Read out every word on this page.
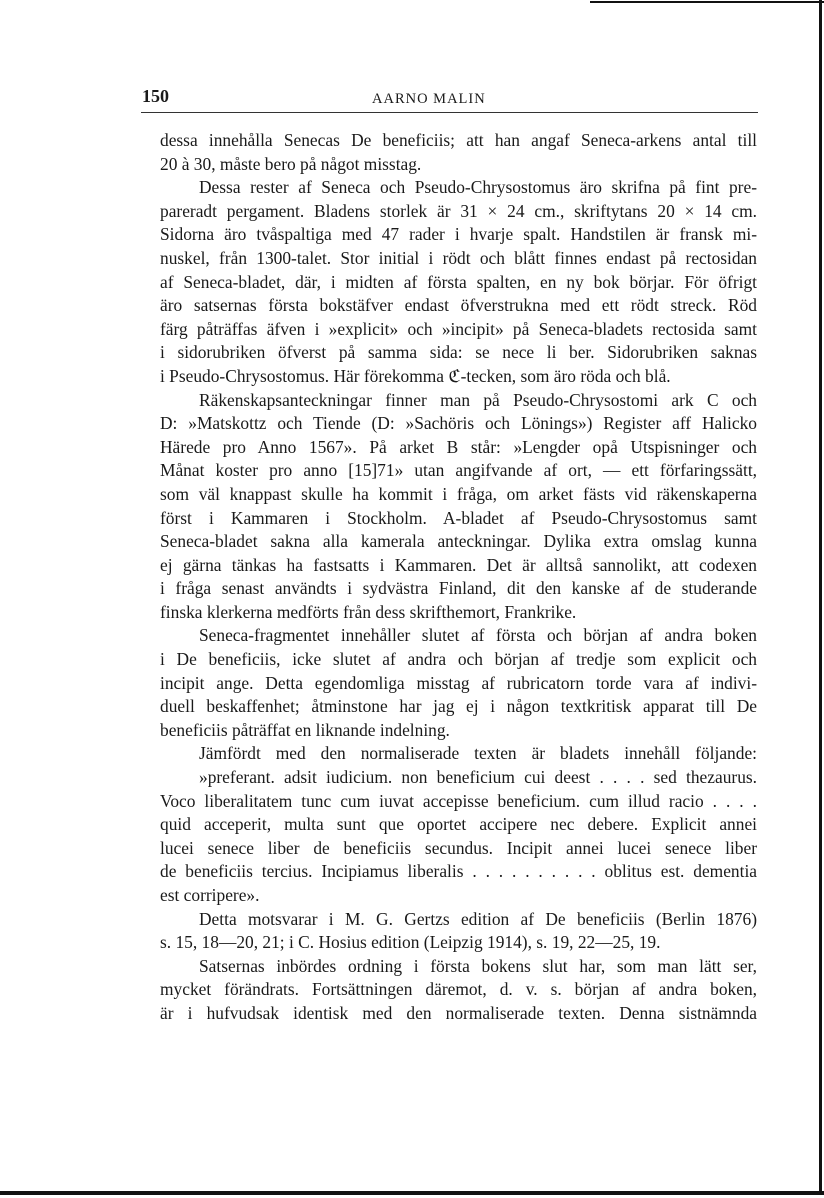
150	AARNO MALIN
dessa innehålla Senecas De beneficiis; att han angaf Seneca-arkens antal till
20 à 30, måste bero på något misstag.
Dessa rester af Seneca och Pseudo-Chrysostomus äro skrifna på fint pre-
pareradt pergament. Bladens storlek är 31 × 24 cm., skriftytans 20 × 14 cm.
Sidorna äro tvåspaltiga med 47 rader i hvarje spalt. Handstilen är fransk mi-
nuskel, från 1300-talet. Stor initial i rödt och blått finnes endast på rectosidan
af Seneca-bladet, där, i midten af första spalten, en ny bok börjar. För öfrigt
äro satsernas första bokstäfver endast öfverstrukna med ett rödt streck. Röd
färg påträffas äfven i »explicit» och »incipit» på Seneca-bladets rectosida samt
i sidorubriken öfverst på samma sida: se nece li ber. Sidorubriken saknas
i Pseudo-Chrysostomus. Här förekomma ℭ-tecken, som äro röda och blå.
Räkenskapsanteckningar finner man på Pseudo-Chrysostomi ark C och
D: »Matskottz och Tiende (D: »Sachöris och Lönings») Register aff Halicko
Härede pro Anno 1567». På arket B står: »Lengder opå Utspisninger och
Månat koster pro anno [15]71» utan angifvande af ort, — ett förfaringssätt,
som väl knappast skulle ha kommit i fråga, om arket fästs vid räkenskaperna
först i Kammaren i Stockholm. A-bladet af Pseudo-Chrysostomus samt
Seneca-bladet sakna alla kamerala anteckningar. Dylika extra omslag kunna
ej gärna tänkas ha fastsatts i Kammaren. Det är alltså sannolikt, att codexen
i fråga senast användts i sydvästra Finland, dit den kanske af de studerande
finska klerkerna medförts från dess skrifthemort, Frankrike.
Seneca-fragmentet innehåller slutet af första och början af andra boken
i De beneficiis, icke slutet af andra och början af tredje som explicit och
incipit ange. Detta egendomliga misstag af rubricatorn torde vara af indivi-
duell beskaffenhet; åtminstone har jag ej i någon textkritisk apparat till De
beneficiis påträffat en liknande indelning.
Jämfördt med den normaliserade texten är bladets innehåll följande:
»preferant. adsit iudicium. non beneficium cui deest . . . . sed thezaurus.
Voco liberalitatem tunc cum iuvat accepisse beneficium. cum illud racio . . . .
quid acceperit, multa sunt que oportet accipere nec debere. Explicit annei
lucei senece liber de beneficiis secundus. Incipit annei lucei senece liber
de beneficiis tercius. Incipiamus liberalis . . . . . . . . . . oblitus est. dementia
est corripere».
Detta motsvarar i M. G. Gertzs edition af De beneficiis (Berlin 1876)
s. 15, 18—20, 21; i C. Hosius edition (Leipzig 1914), s. 19, 22—25, 19.
Satsernas inbördes ordning i första bokens slut har, som man lätt ser,
mycket förändrats. Fortsättningen däremot, d. v. s. början af andra boken,
är i hufvudsak identisk med den normaliserade texten. Denna sistnämnda
